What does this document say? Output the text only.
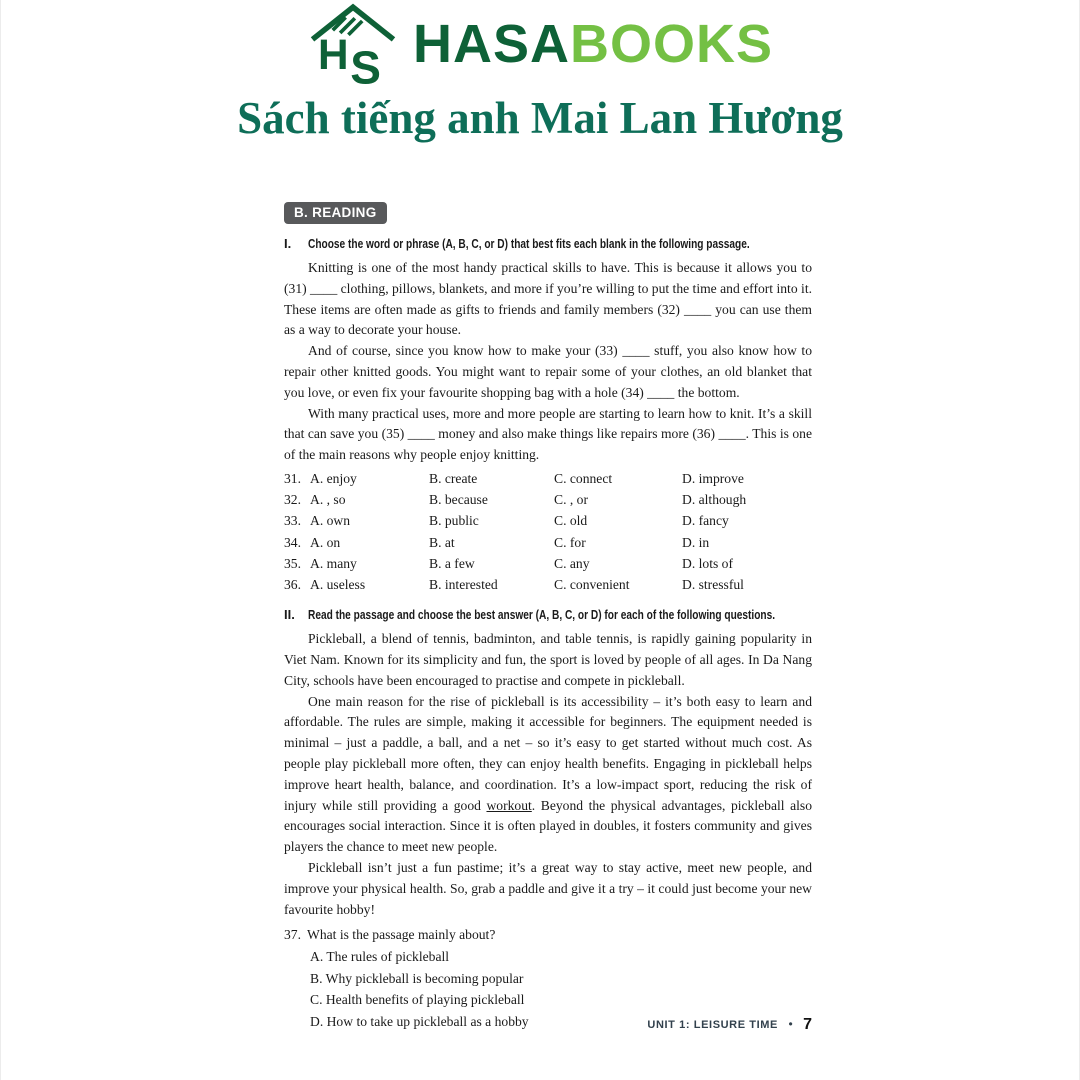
H S HASABOOKS
Sách tiếng anh Mai Lan Hương
B. READING
I.	Choose the word or phrase (A, B, C, or D) that best fits each blank in the following passage.

Knitting is one of the most handy practical skills to have. This is because it allows you to (31) ____ clothing, pillows, blankets, and more if you’re willing to put the time and effort into it. These items are often made as gifts to friends and family members (32) ____ you can use them as a way to decorate your house.

And of course, since you know how to make your (33) ____ stuff, you also know how to repair other knitted goods. You might want to repair some of your clothes, an old blanket that you love, or even fix your favourite shopping bag with a hole (34) ____ the bottom.

With many practical uses, more and more people are starting to learn how to knit. It’s a skill that can save you (35) ____ money and also make things like repairs more (36) ____. This is one of the main reasons why people enjoy knitting.

31. A. enjoy	B. create	C. connect	D. improve
32. A. , so	B. because	C. , or	D. although
33. A. own	B. public	C. old	D. fancy
34. A. on	B. at	C. for	D. in
35. A. many	B. a few	C. any	D. lots of
36. A. useless	B. interested	C. convenient	D. stressful
II.	Read the passage and choose the best answer (A, B, C, or D) for each of the following questions.

Pickleball, a blend of tennis, badminton, and table tennis, is rapidly gaining popularity in Viet Nam. Known for its simplicity and fun, the sport is loved by people of all ages. In Da Nang City, schools have been encouraged to practise and compete in pickleball.

One main reason for the rise of pickleball is its accessibility – it’s both easy to learn and affordable. The rules are simple, making it accessible for beginners. The equipment needed is minimal – just a paddle, a ball, and a net – so it’s easy to get started without much cost. As people play pickleball more often, they can enjoy health benefits. Engaging in pickleball helps improve heart health, balance, and coordination. It’s a low-impact sport, reducing the risk of injury while still providing a good workout. Beyond the physical advantages, pickleball also encourages social interaction. Since it is often played in doubles, it fosters community and gives players the chance to meet new people.

Pickleball isn’t just a fun pastime; it’s a great way to stay active, meet new people, and improve your physical health. So, grab a paddle and give it a try – it could just become your new favourite hobby!

37. What is the passage mainly about?
A. The rules of pickleball
B. Why pickleball is becoming popular
C. Health benefits of playing pickleball
D. How to take up pickleball as a hobby	UNIT 1: LEISURE TIME • 7
